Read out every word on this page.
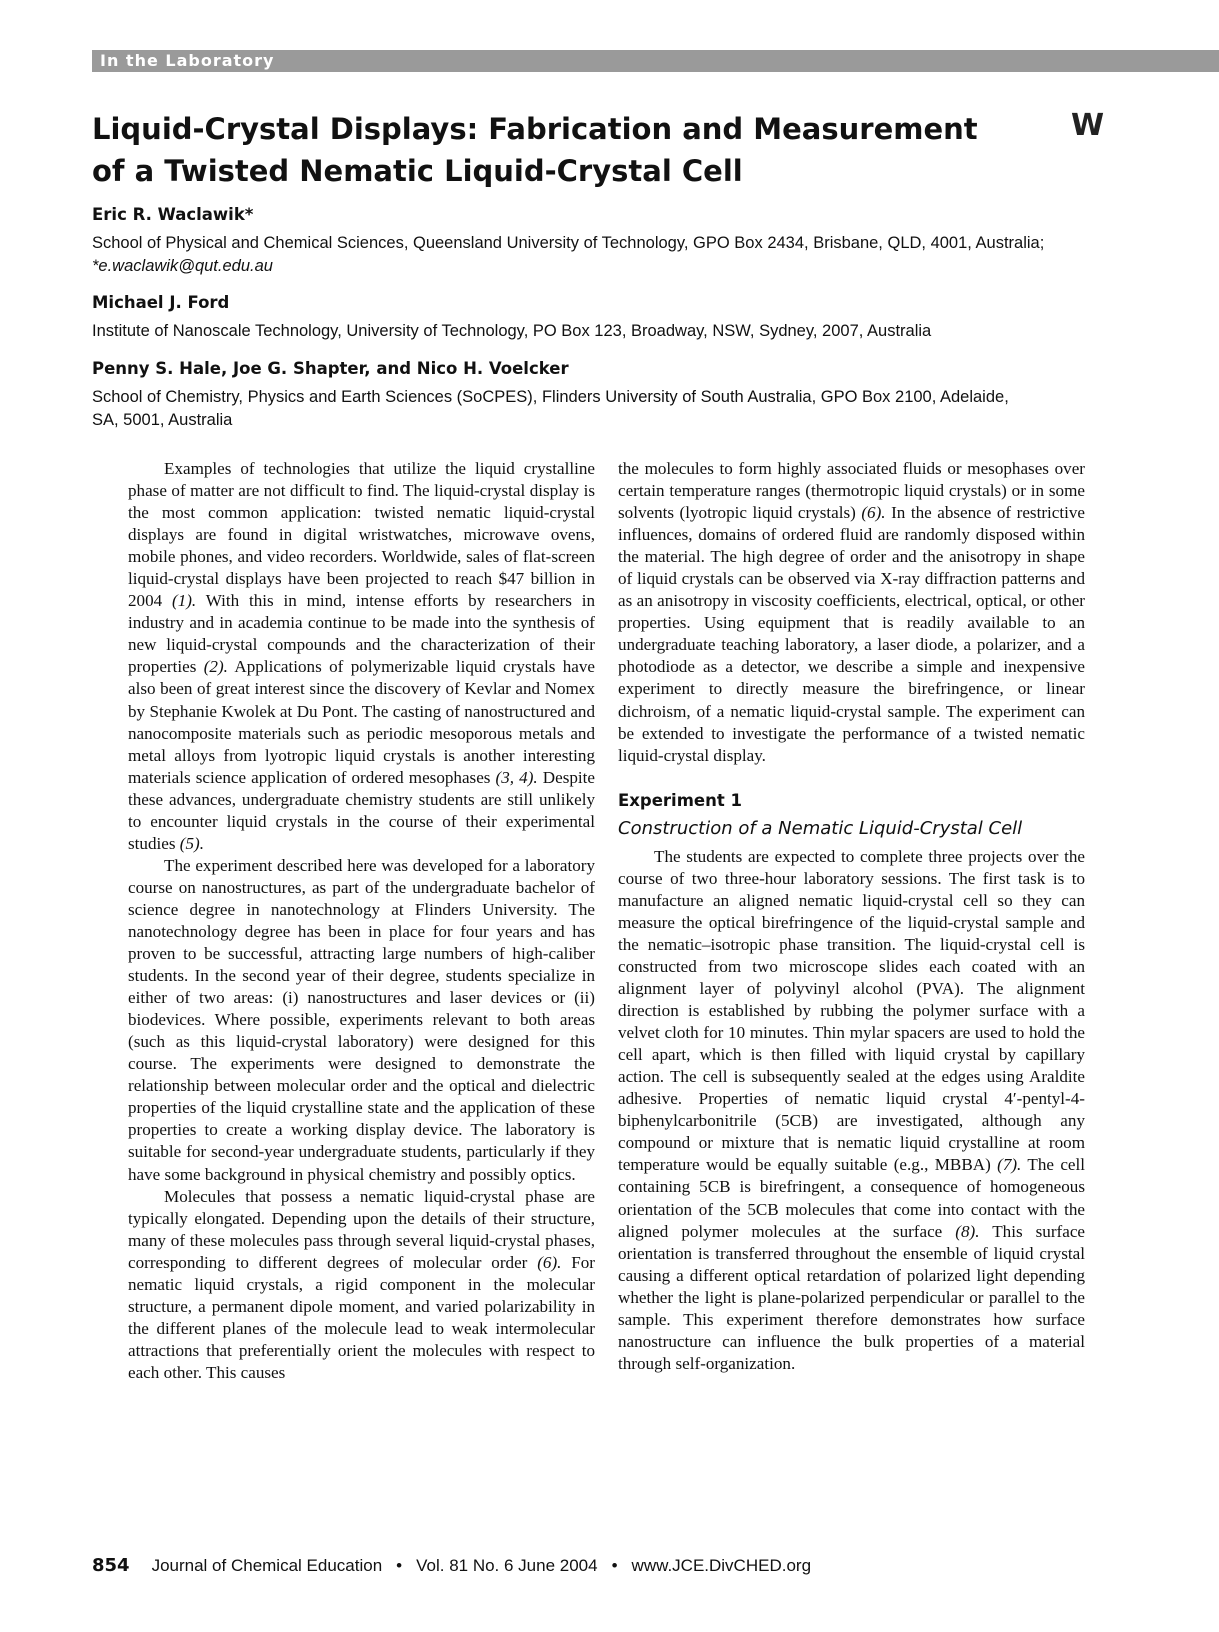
In the Laboratory
Liquid-Crystal Displays: Fabrication and Measurement of a Twisted Nematic Liquid-Crystal Cell
W

Eric R. Waclawik*

School of Physical and Chemical Sciences, Queensland University of Technology, GPO Box 2434, Brisbane, QLD, 4001, Australia; *e.waclawik@qut.edu.au

Michael J. Ford

Institute of Nanoscale Technology, University of Technology, PO Box 123, Broadway, NSW, Sydney, 2007, Australia

Penny S. Hale, Joe G. Shapter, and Nico H. Voelcker

School of Chemistry, Physics and Earth Sciences (SoCPES), Flinders University of South Australia, GPO Box 2100, Adelaide, SA, 5001, Australia

Examples of technologies that utilize the liquid crystalline phase of matter are not difficult to find. The liquid-crystal display is the most common application: twisted nematic liquid-crystal displays are found in digital wristwatches, microwave ovens, mobile phones, and video recorders. Worldwide, sales of flat-screen liquid-crystal displays have been projected to reach $47 billion in 2004 (1). With this in mind, intense efforts by researchers in industry and in academia continue to be made into the synthesis of new liquid-crystal compounds and the characterization of their properties (2). Applications of polymerizable liquid crystals have also been of great interest since the discovery of Kevlar and Nomex by Stephanie Kwolek at Du Pont. The casting of nanostructured and nanocomposite materials such as periodic mesoporous metals and metal alloys from lyotropic liquid crystals is another interesting materials science application of ordered mesophases (3, 4). Despite these advances, undergraduate chemistry students are still unlikely to encounter liquid crystals in the course of their experimental studies (5).

The experiment described here was developed for a laboratory course on nanostructures, as part of the undergraduate bachelor of science degree in nanotechnology at Flinders University. The nanotechnology degree has been in place for four years and has proven to be successful, attracting large numbers of high-caliber students. In the second year of their degree, students specialize in either of two areas: (i) nanostructures and laser devices or (ii) biodevices. Where possible, experiments relevant to both areas (such as this liquid-crystal laboratory) were designed for this course. The experiments were designed to demonstrate the relationship between molecular order and the optical and dielectric properties of the liquid crystalline state and the application of these properties to create a working display device. The laboratory is suitable for second-year undergraduate students, particularly if they have some background in physical chemistry and possibly optics.

Molecules that possess a nematic liquid-crystal phase are typically elongated. Depending upon the details of their structure, many of these molecules pass through several liquid-crystal phases, corresponding to different degrees of molecular order (6). For nematic liquid crystals, a rigid component in the molecular structure, a permanent dipole moment, and varied polarizability in the different planes of the molecule lead to weak intermolecular attractions that preferentially orient the molecules with respect to each other. This causes

the molecules to form highly associated fluids or mesophases over certain temperature ranges (thermotropic liquid crystals) or in some solvents (lyotropic liquid crystals) (6). In the absence of restrictive influences, domains of ordered fluid are randomly disposed within the material. The high degree of order and the anisotropy in shape of liquid crystals can be observed via X-ray diffraction patterns and as an anisotropy in viscosity coefficients, electrical, optical, or other properties. Using equipment that is readily available to an undergraduate teaching laboratory, a laser diode, a polarizer, and a photodiode as a detector, we describe a simple and inexpensive experiment to directly measure the birefringence, or linear dichroism, of a nematic liquid-crystal sample. The experiment can be extended to investigate the performance of a twisted nematic liquid-crystal display.

Experiment 1
Construction of a Nematic Liquid-Crystal Cell

The students are expected to complete three projects over the course of two three-hour laboratory sessions. The first task is to manufacture an aligned nematic liquid-crystal cell so they can measure the optical birefringence of the liquid-crystal sample and the nematic–isotropic phase transition. The liquid-crystal cell is constructed from two microscope slides each coated with an alignment layer of polyvinyl alcohol (PVA). The alignment direction is established by rubbing the polymer surface with a velvet cloth for 10 minutes. Thin mylar spacers are used to hold the cell apart, which is then filled with liquid crystal by capillary action. The cell is subsequently sealed at the edges using Araldite adhesive. Properties of nematic liquid crystal 4′-pentyl-4-biphenylcarbonitrile (5CB) are investigated, although any compound or mixture that is nematic liquid crystalline at room temperature would be equally suitable (e.g., MBBA) (7). The cell containing 5CB is birefringent, a consequence of homogeneous orientation of the 5CB molecules that come into contact with the aligned polymer molecules at the surface (8). This surface orientation is transferred throughout the ensemble of liquid crystal causing a different optical retardation of polarized light depending whether the light is plane-polarized perpendicular or parallel to the sample. This experiment therefore demonstrates how surface nanostructure can influence the bulk properties of a material through self-organization.

854 Journal of Chemical Education • Vol. 81 No. 6 June 2004 • www.JCE.DivCHED.org
